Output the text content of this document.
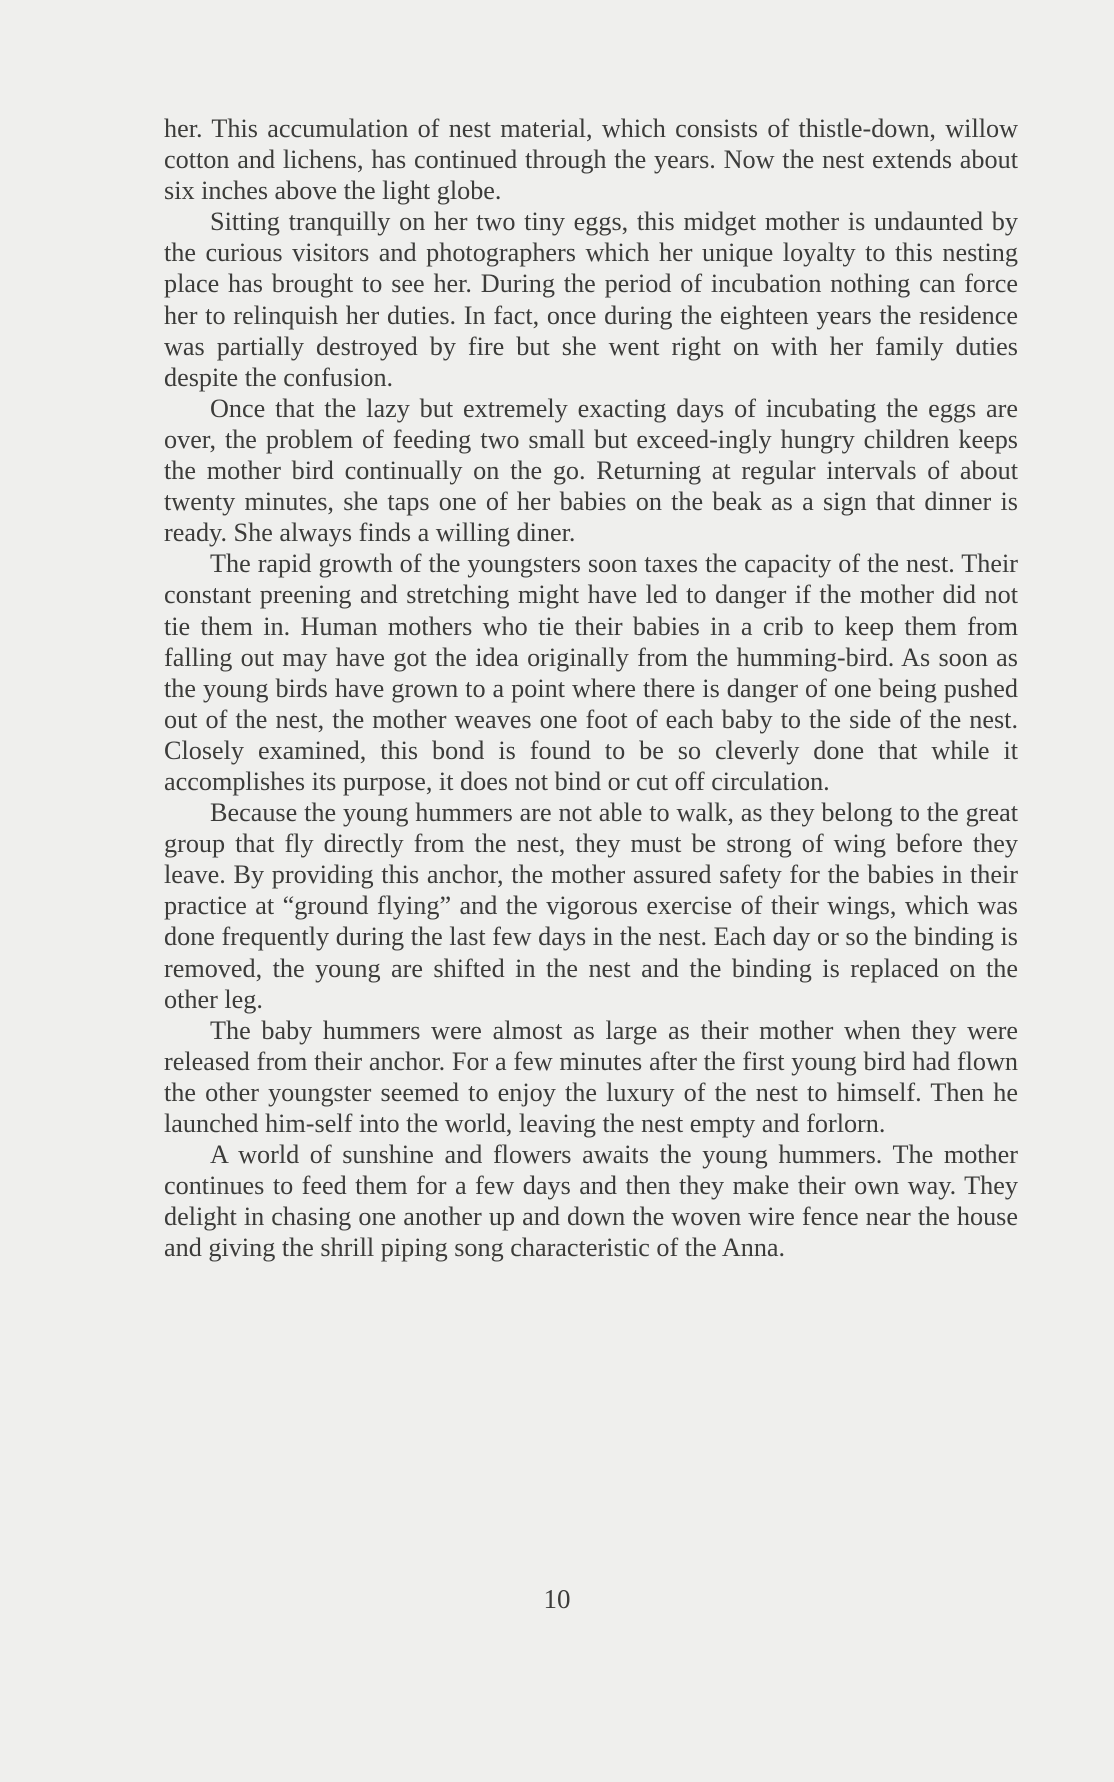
her. This accumulation of nest material, which consists of thistle-down, willow cotton and lichens, has continued through the years. Now the nest extends about six inches above the light globe.

Sitting tranquilly on her two tiny eggs, this midget mother is undaunted by the curious visitors and photographers which her unique loyalty to this nesting place has brought to see her. During the period of incubation nothing can force her to relinquish her duties. In fact, once during the eighteen years the residence was partially destroyed by fire but she went right on with her family duties despite the confusion.

Once that the lazy but extremely exacting days of incubating the eggs are over, the problem of feeding two small but exceed-ingly hungry children keeps the mother bird continually on the go. Returning at regular intervals of about twenty minutes, she taps one of her babies on the beak as a sign that dinner is ready. She always finds a willing diner.

The rapid growth of the youngsters soon taxes the capacity of the nest. Their constant preening and stretching might have led to danger if the mother did not tie them in. Human mothers who tie their babies in a crib to keep them from falling out may have got the idea originally from the humming-bird. As soon as the young birds have grown to a point where there is danger of one being pushed out of the nest, the mother weaves one foot of each baby to the side of the nest. Closely examined, this bond is found to be so cleverly done that while it accomplishes its purpose, it does not bind or cut off circulation.

Because the young hummers are not able to walk, as they belong to the great group that fly directly from the nest, they must be strong of wing before they leave. By providing this anchor, the mother assured safety for the babies in their practice at “ground flying” and the vigorous exercise of their wings, which was done frequently during the last few days in the nest. Each day or so the binding is removed, the young are shifted in the nest and the binding is replaced on the other leg.

The baby hummers were almost as large as their mother when they were released from their anchor. For a few minutes after the first young bird had flown the other youngster seemed to enjoy the luxury of the nest to himself. Then he launched him-self into the world, leaving the nest empty and forlorn.

A world of sunshine and flowers awaits the young hummers. The mother continues to feed them for a few days and then they make their own way. They delight in chasing one another up and down the woven wire fence near the house and giving the shrill piping song characteristic of the Anna.

10
